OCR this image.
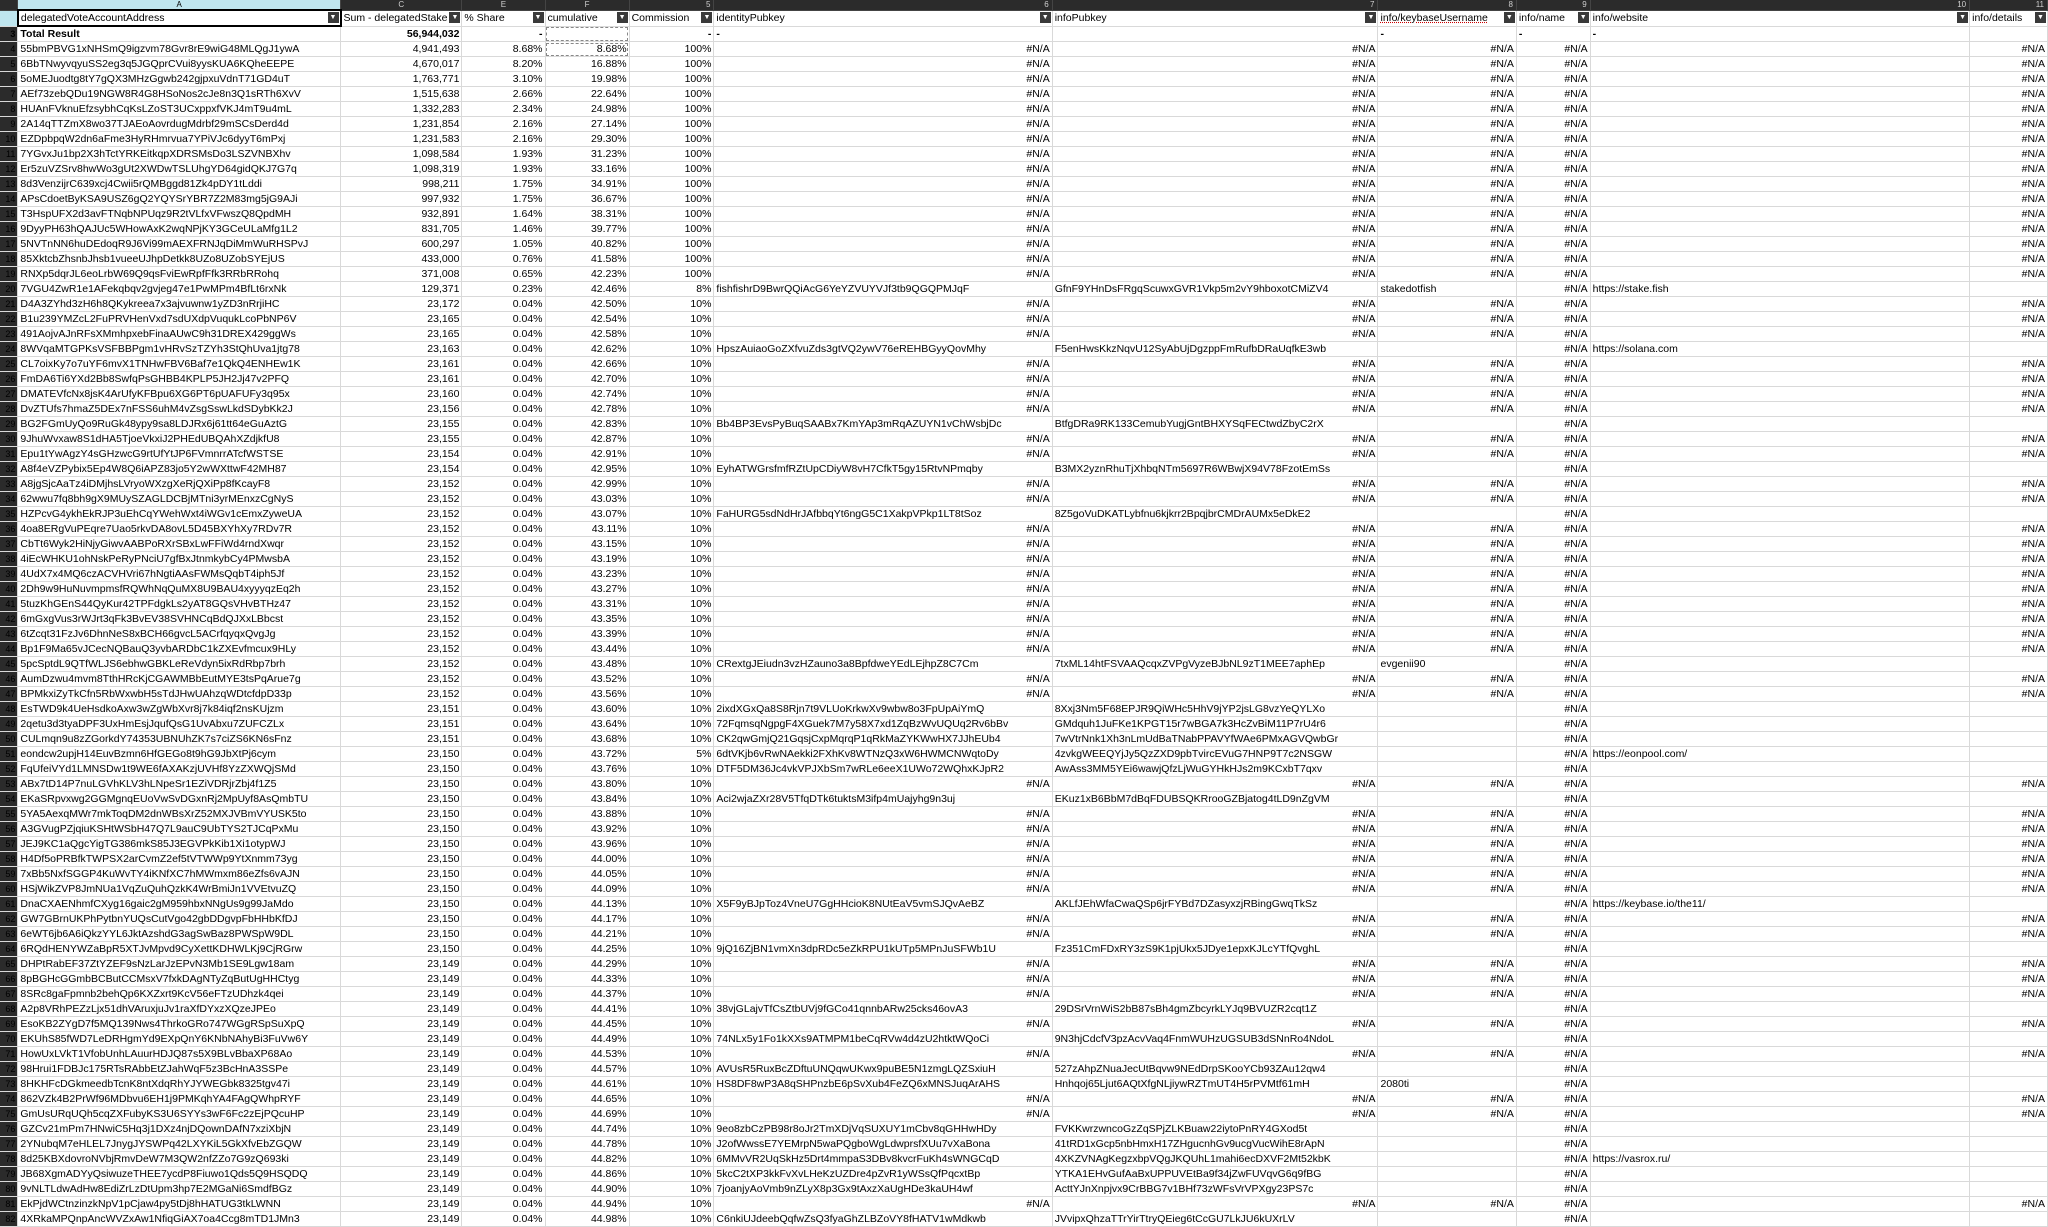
	A	C	E	F	5	6	7	8	9	10	11

	delegatedVoteAccountAddress ▼	Sum - delegatedStake ▼	% Share ▼	cumulative ▼	Commission ▼	identityPubkey ▼	infoPubkey ▼	info/keybaseUsername ▼	info/name ▼	info/website ▼	info/details ▼

3	Total Result	56,944,032	-		-	-		-	-	-	
4	55bmPBVG1xNHSmQ9igzvm78Gvr8rE9wiG48MLQgJ1ywA	4,941,493	8.68%	8.68%	100%	#N/A	#N/A	#N/A	#N/A		#N/A
5	6BbTNwyvqyuSS2eg3q5JGQprCVui8yysKUA6KQheEEPE	4,670,017	8.20%	16.88%	100%	#N/A	#N/A	#N/A	#N/A		#N/A
6	5oMEJuodtg8tY7gQX3MHzGgwb242gjpxuVdnT71GD4uT	1,763,771	3.10%	19.98%	100%	#N/A	#N/A	#N/A	#N/A		#N/A
7	AEf73zebQDu19NGW8R4G8HSoNos2cJe8n3Q1sRTh6XvV	1,515,638	2.66%	22.64%	100%	#N/A	#N/A	#N/A	#N/A		#N/A
8	HUAnFVknuEfzsybhCqKsLZoST3UCxppxfVKJ4mT9u4mL	1,332,283	2.34%	24.98%	100%	#N/A	#N/A	#N/A	#N/A		#N/A
9	2A14qTTZmX8wo37TJAEoAovrdugMdrbf29mSCsDerd4d	1,231,854	2.16%	27.14%	100%	#N/A	#N/A	#N/A	#N/A		#N/A
10	EZDpbpqW2dn6aFme3HyRHmrvua7YPiVJc6dyyT6mPxj	1,231,583	2.16%	29.30%	100%	#N/A	#N/A	#N/A	#N/A		#N/A
11	7YGvxJu1bp2X3hTctYRKEitkqpXDRSMsDo3LSZVNBXhv	1,098,584	1.93%	31.23%	100%	#N/A	#N/A	#N/A	#N/A		#N/A
12	Er5zuVZSrv8hwWo3gUt2XWDwTSLUhgYD64gidQKJ7G7q	1,098,319	1.93%	33.16%	100%	#N/A	#N/A	#N/A	#N/A		#N/A
13	8d3VenzijrC639xcj4Cwii5rQMBggd81Zk4pDY1tLddi	998,211	1.75%	34.91%	100%	#N/A	#N/A	#N/A	#N/A		#N/A
14	APsCdoetByKSA9USZ6gQ2YQYSrYBR7Z2M83mg5jG9AJi	997,932	1.75%	36.67%	100%	#N/A	#N/A	#N/A	#N/A		#N/A
15	T3HspUFX2d3avFTNqbNPUqz9R2tVLfxVFwszQ8QpdMH	932,891	1.64%	38.31%	100%	#N/A	#N/A	#N/A	#N/A		#N/A
16	9DyyPH63hQAJUc5WHowAxK2wqNPjKY3GCeULaMfg1L2	831,705	1.46%	39.77%	100%	#N/A	#N/A	#N/A	#N/A		#N/A
17	5NVTnNN6huDEdoqR9J6Vi99mAEXFRNJqDiMmWuRHSPvJ	600,297	1.05%	40.82%	100%	#N/A	#N/A	#N/A	#N/A		#N/A
18	85XktcbZhsnbJhsb1vueeUJhpDetkk8UZo8UZobSYEjUS	433,000	0.76%	41.58%	100%	#N/A	#N/A	#N/A	#N/A		#N/A
19	RNXp5dqrJL6eoLrbW69Q9qsFviEwRpfFfk3RRbRRohq	371,008	0.65%	42.23%	100%	#N/A	#N/A	#N/A	#N/A		#N/A
20	7VGU4ZwR1e1AFekqbqv2gvjeg47e1PwMPm4BfLt6rxNk	129,371	0.23%	42.46%	8%	fishfishrD9BwrQQiAcG6YeYZVUYVJf3tb9QGQPMJqF	GfnF9YHnDsFRgqScuwxGVR1Vkp5m2vY9hboxotCMiZV4	stakedotfish	#N/A	https://stake.fish	
21	D4A3ZYhd3zH6h8QKykreea7x3ajvuwnw1yZD3nRrjiHC	23,172	0.04%	42.50%	10%	#N/A	#N/A	#N/A	#N/A		#N/A
22	B1u239YMZcL2FuPRVHenVxd7sdUXdpVuqukLcoPbNP6V	23,165	0.04%	42.54%	10%	#N/A	#N/A	#N/A	#N/A		#N/A
23	491AojvAJnRFsXMmhpxebFinaAUwC9h31DREX429ggWs	23,165	0.04%	42.58%	10%	#N/A	#N/A	#N/A	#N/A		#N/A
24	8WVqaMTGPKsVSFBBPgm1vHRvSzTZYh3StQhUva1jtg78	23,163	0.04%	42.62%	10%	HpszAuiaoGoZXfvuZds3gtVQ2ywV76eREHBGyyQovMhy	F5enHwsKkzNqvU12SyAbUjDgzppFmRufbDRaUqfkE3wb		#N/A	https://solana.com	
25	CL7oixKy7o7uYF6mvX1TNHwFBV6Baf7e1QkQ4ENHEw1K	23,161	0.04%	42.66%	10%	#N/A	#N/A	#N/A	#N/A		#N/A
26	FmDA6Ti6YXd2Bb8SwfqPsGHBB4KPLP5JH2Jj47v2PFQ	23,161	0.04%	42.70%	10%	#N/A	#N/A	#N/A	#N/A		#N/A
27	DMATEVfcNx8jsK4ArUfyKFBpu6XG6PT6pUAFUFy3q95x	23,160	0.04%	42.74%	10%	#N/A	#N/A	#N/A	#N/A		#N/A
28	DvZTUfs7hmaZ5DEx7nFSS6uhM4vZsgSswLkdSDybKk2J	23,156	0.04%	42.78%	10%	#N/A	#N/A	#N/A	#N/A		#N/A
29	BG2FGmUyQo9RuGk48ypy9sa8LDJRx6j61tt64eGuAztG	23,155	0.04%	42.83%	10%	Bb4BP3EvsPyBuqSAABx7KmYAp3mRqAZUYN1vChWsbjDc	BtfgDRa9RK133CemubYugjGntBHXYSqFECtwdZbyC2rX		#N/A		
30	9JhuWvxaw8S1dHA5TjoeVkxiJ2PHEdUBQAhXZdjkfU8	23,155	0.04%	42.87%	10%	#N/A	#N/A	#N/A	#N/A		#N/A
31	Epu1tYwAgzY4sGHzwcG9rtUfYtJP6FVmnrrATcfWSTSE	23,154	0.04%	42.91%	10%	#N/A	#N/A	#N/A	#N/A		#N/A
32	A8f4eVZPybix5Ep4W8Q6iAPZ83jo5Y2wWXttwF42MH87	23,154	0.04%	42.95%	10%	EyhATWGrsfmfRZtUpCDiyW8vH7CfkT5gy15RtvNPmqby	B3MX2yznRhuTjXhbqNTm5697R6WBwjX94V78FzotEmSs		#N/A		
33	A8jgSjcAaTz4iDMjhsLVryoWXzgXeRjQXiPp8fKcayF8	23,152	0.04%	42.99%	10%	#N/A	#N/A	#N/A	#N/A		#N/A
34	62wwu7fq8bh9gX9MUySZAGLDCBjMTni3yrMEnxzCgNyS	23,152	0.04%	43.03%	10%	#N/A	#N/A	#N/A	#N/A		#N/A
35	HZPcvG4ykhEkRJP3uEhCqYWehWxt4iWGv1cEmxZyweUA	23,152	0.04%	43.07%	10%	FaHURG5sdNdHrJAfbbqYt6ngG5C1XakpVPkp1LT8tSoz	8Z5goVuDKATLybfnu6kjkrr2BpqjbrCMDrAUMx5eDkE2		#N/A		
36	4oa8ERgVuPEqre7Uao5rkvDA8ovL5D45BXYhXy7RDv7R	23,152	0.04%	43.11%	10%	#N/A	#N/A	#N/A	#N/A		#N/A
37	CbTt6Wyk2HiNjyGiwvAABPoRXrSBxLwFFiWd4rndXwqr	23,152	0.04%	43.15%	10%	#N/A	#N/A	#N/A	#N/A		#N/A
38	4iEcWHKU1ohNskPeRyPNciU7gfBxJtnmkybCy4PMwsbA	23,152	0.04%	43.19%	10%	#N/A	#N/A	#N/A	#N/A		#N/A
39	4UdX7x4MQ6czACVHVri67hNgtiAAsFWMsQqbT4iph5Jf	23,152	0.04%	43.23%	10%	#N/A	#N/A	#N/A	#N/A		#N/A
40	2Dh9w9HuNuvmpmsfRQWhNqQuMX8U9BAU4xyyyqzEq2h	23,152	0.04%	43.27%	10%	#N/A	#N/A	#N/A	#N/A		#N/A
41	5tuzKhGEnS44QyKur42TPFdgkLs2yAT8GQsVHvBTHz47	23,152	0.04%	43.31%	10%	#N/A	#N/A	#N/A	#N/A		#N/A
42	6mGxgVus3rWJrt3qFk3BvEV38SVHNCqBdQJXxLBbcst	23,152	0.04%	43.35%	10%	#N/A	#N/A	#N/A	#N/A		#N/A
43	6tZcqt31FzJv6DhnNeS8xBCH66gvcL5ACrfqyqxQvgJg	23,152	0.04%	43.39%	10%	#N/A	#N/A	#N/A	#N/A		#N/A
44	Bp1F9Ma65vJCecNQBauQ3yvbARDbC1kZXEvfmcux9HLy	23,152	0.04%	43.44%	10%	#N/A	#N/A	#N/A	#N/A		#N/A
45	5pcSptdL9QTfWLJS6ebhwGBKLeReVdyn5ixRdRbp7brh	23,152	0.04%	43.48%	10%	CRextgJEiudn3vzHZauno3a8BpfdweYEdLEjhpZ8C7Cm	7txML14htFSVAAQcqxZVPgVyzeBJbNL9zT1MEE7aphEp	evgenii90	#N/A		
46	AumDzwu4mvm8TthHRcKjCGAWMBbEutMYE3tsPqArue7g	23,152	0.04%	43.52%	10%	#N/A	#N/A	#N/A	#N/A		#N/A
47	BPMkxiZyTkCfn5RbWxwbH5sTdJHwUAhzqWDtcfdpD33p	23,152	0.04%	43.56%	10%	#N/A	#N/A	#N/A	#N/A		#N/A
48	EsTWD9k4UeHsdkoAxw3wZgWbXvr8j7k84iqf2nsKUjzm	23,151	0.04%	43.60%	10%	2ixdXGxQa8S8Rjn7t9VLUoKrkwXv9wbw8o3FpUpAiYmQ	8Xxj3Nm5F68EPJR9QiWHc5HhV9jYP2jsLG8vzYeQYLXo		#N/A		
49	2qetu3d3tyaDPF3UxHmEsjJqufQsG1UvAbxu7ZUFCZLx	23,151	0.04%	43.64%	10%	72FqmsqNgpgF4XGuek7M7y58X7xd1ZqBzWvUQUq2Rv6bBv	GMdquh1JuFKe1KPGT15r7wBGA7k3HcZvBiM11P7rU4r6		#N/A		
50	CULmqn9u8zZGorkdY74353UBNUhZK7s7ciZS6KN6sFnz	23,151	0.04%	43.68%	10%	CK2qwGmjQ21GqsjCxpMqrqP1qRkMaZYKWwHX7JJhEUb4	7wVtrNnk1Xh3nLmUdBaTNabPPAVYfWAe6PMxAGVQwbGr		#N/A		
51	eondcw2upjH14EuvBzmn6HfGEGo8t9hG9JbXtPj6cym	23,150	0.04%	43.72%	5%	6dtVKjb6vRwNAekki2FXhKv8WTNzQ3xW6HWMCNWqtoDy	4zvkgWEEQYjJy5QzZXD9pbTvircEVuG7HNP9T7c2NSGW		#N/A	https://eonpool.com/	
52	FqUfeiVYd1LMNSDw1t9WE6fAXAKzjUVHf8YzZXWQjSMd	23,150	0.04%	43.76%	10%	DTF5DM36Jc4vkVPJXbSm7wRLe6eeX1UWo72WQhxKJpR2	AwAss3MM5YEi6wawjQfzLjWuGYHkHJs2m9KCxbT7qxv		#N/A		
53	ABx7tD14P7nuLGVhKLV3hLNpeSr1EZiVDRjrZbj4f1Z5	23,150	0.04%	43.80%	10%	#N/A	#N/A	#N/A	#N/A		#N/A
54	EKaSRpvxwg2GGMgnqEUoVwSvDGxnRj2MpUyf8AsQmbTU	23,150	0.04%	43.84%	10%	Aci2wjaZXr28V5TfqDTk6tuktsM3ifp4mUajyhg9n3uj	EKuz1xB6BbM7dBqFDUBSQKRrooGZBjatog4tLD9nZgVM		#N/A		
55	5YA5AexqMWr7mkToqDM2dnWBsXrZ52MXJVBmVYUSK5to	23,150	0.04%	43.88%	10%	#N/A	#N/A	#N/A	#N/A		#N/A
56	A3GVugPZjqiuKSHtWSbH47Q7L9auC9UbTYS2TJCqPxMu	23,150	0.04%	43.92%	10%	#N/A	#N/A	#N/A	#N/A		#N/A
57	JEJ9KC1aQgcYigTG386mkS85J3EGVPkKib1Xi1otypWJ	23,150	0.04%	43.96%	10%	#N/A	#N/A	#N/A	#N/A		#N/A
58	H4Df5oPRBfkTWPSX2arCvmZ2ef5tVTWWp9YtXnmm73yg	23,150	0.04%	44.00%	10%	#N/A	#N/A	#N/A	#N/A		#N/A
59	7xBb5NxfSGGP4KuWvTY4iKNfXC7hMWmxm86eZfs6vAJN	23,150	0.04%	44.05%	10%	#N/A	#N/A	#N/A	#N/A		#N/A
60	HSjWikZVP8JmNUa1VqZuQuhQzkK4WrBmiJn1VVEtvuZQ	23,150	0.04%	44.09%	10%	#N/A	#N/A	#N/A	#N/A		#N/A
61	DnaCXAENhmfCXyg16gaic2gM959hbxNNgUs9g99JaMdo	23,150	0.04%	44.13%	10%	X5F9yBJpToz4VneU7GgHHcioK8NUtEaV5vmSJQvAeBZ	AKLfJEhWfaCwaQSp6jrFYBd7DZasyxzjRBingGwqTkSz		#N/A	https://keybase.io/the11/	
62	GW7GBrnUKPhPytbnYUQsCutVgo42gbDDgvpFbHHbKfDJ	23,150	0.04%	44.17%	10%	#N/A	#N/A	#N/A	#N/A		#N/A
63	6eWT6jb6A6iQkzYYL6JktAzshdG3agSwBaz8PWSpW9DL	23,150	0.04%	44.21%	10%	#N/A	#N/A	#N/A	#N/A		#N/A
64	6RQdHENYWZaBpR5XTJvMpvd9CyXettKDHWLKj9CjRGrw	23,150	0.04%	44.25%	10%	9jQ16ZjBN1vmXn3dpRDc5eZkRPU1kUTp5MPnJuSFWb1U	Fz351CmFDxRY3zS9K1pjUkx5JDye1epxKJLcYTfQvghL		#N/A		
65	DHPtRabEF37ZtYZEF9sNzLarJzEPvN3Mb1SE9Lgw18am	23,149	0.04%	44.29%	10%	#N/A	#N/A	#N/A	#N/A		#N/A
66	8pBGHcGGmbBCButCCMsxV7fxkDAgNTyZqButUgHHCtyg	23,149	0.04%	44.33%	10%	#N/A	#N/A	#N/A	#N/A		#N/A
67	8SRc8gaFpmnb2behQp6KXZxrt9KcV56eFTzUDhzk4qei	23,149	0.04%	44.37%	10%	#N/A	#N/A	#N/A	#N/A		#N/A
68	A2p8VRhPEZzLjx51dhVAruxjuJv1raXfDYxzXQzeJPEo	23,149	0.04%	44.41%	10%	38vjGLajvTfCsZtbUVj9fGCo41qnnbARw25cks46ovA3	29DSrVrnWiS2bB87sBh4gmZbcyrkLYJq9BVUZR2cqt1Z		#N/A		
69	EsoKB2ZYgD7f5MQ139Nws4ThrkoGRo747WGgRSpSuXpQ	23,149	0.04%	44.45%	10%	#N/A	#N/A	#N/A	#N/A		#N/A
70	EKUhS85fWD7LeDRHgmYd9EXpQnY6KNbNAhyBi3FuVw6Y	23,149	0.04%	44.49%	10%	74NLx5y1Fo1kXXs9ATMPM1beCqRVw4d4zU2htktWQoCi	9N3hjCdcfV3pzAcvVaq4FnmWUHzUGSUB3dSNnRo4NdoL		#N/A		
71	HowUxLVkT1VfobUnhLAuurHDJQ87s5X9BLvBbaXP68Ao	23,149	0.04%	44.53%	10%	#N/A	#N/A	#N/A	#N/A		#N/A
72	98Hrui1FDBJc175RTsRAbbEtZJahWqF5z3BcHnA3SSPe	23,149	0.04%	44.57%	10%	AVUsR5RuxBcZDftuUNQqwUKwx9puBE5N1zmgLQZSxiuH	527zAhpZNuaJecUtBqvw9NEdDrpSKooYCb93ZAu12qw4		#N/A		
73	8HKHFcDGkmeedbTcnK8ntXdqRhYJYWEGbk8325tgv47i	23,149	0.04%	44.61%	10%	HS8DF8wP3A8qSHPnzbE6pSvXub4FeZQ6xMNSJuqArAHS	Hnhqoj65Ljut6AQtXfgNLjiywRZTmUT4H5rPVMtf61mH	2080ti	#N/A		
74	862VZk4B2PrWf96MDbvu6EH1j9PMKqhYA4FAgQWhpRYF	23,149	0.04%	44.65%	10%	#N/A	#N/A	#N/A	#N/A		#N/A
75	GmUsURqUQh5cqZXFubyKS3U6SYYs3wF6Fc2zEjPQcuHP	23,149	0.04%	44.69%	10%	#N/A	#N/A	#N/A	#N/A		#N/A
76	GZCv21mPm7HNwiC5Hq3j1DXz4njDQownDAfN7xziXbjN	23,149	0.04%	44.74%	10%	9eo8zbCzPB98r8oJr2TmXDjVqSUXUY1mCbv8qGHHwHDy	FVKKwrzwncoGzZqSPjZLKBuaw22iytoPnRY4GXod5t		#N/A		
77	2YNubqM7eHLEL7JnygJYSWPq42LXYKiL5GkXfvEbZGQW	23,149	0.04%	44.78%	10%	J2ofWwssE7YEMrpN5waPQgboWgLdwprsfXUu7vXaBona	41tRD1xGcp5nbHmxH17ZHgucnhGv9ucgVucWihE8rApN		#N/A		
78	8d25KBXdovroNVbjRmvDeW7M3QW2nfZZo7G9zQ693ki	23,149	0.04%	44.82%	10%	6MMvVR2UqSkHz5Drt4mmpaS3DBv8kvcrFuKh4sWNGCqD	4XKZVNAgKegzxbpVQgJKQUhL1mahi6ecDXVF2Mt52kbK		#N/A	https://vasrox.ru/	
79	JB68XgmADYyQsiwuzeTHEE7ycdP8Fiuwo1Qds5Q9HSQDQ	23,149	0.04%	44.86%	10%	5kcC2tXP3kkFvXvLHeKzUZDre4pZvR1yWSsQfPqcxtBp	YTKA1EHvGufAaBxUPPUVEtBa9f34jZwFUVqvG6q9fBG		#N/A		
80	9vNLTLdwAdHw8EdiZrLzDtUpm3hp7E2MGaNi6SmdfBGz	23,149	0.04%	44.90%	10%	7joanjyAoVmb9nZLyX8p3Gx9tAxzXaUgHDe3kaUH4wf	ActtYJnXnpjvx9CrBBG7v1BHf73zWFsVrVPXgy23PS7c		#N/A		
81	EkPjdWCtnzinzkNpV1pCjaw4py5tDj8hHATUG3tkLWNN	23,149	0.04%	44.94%	10%	#N/A	#N/A	#N/A	#N/A		#N/A
82	4XRkaMPQnpAncWVZxAw1NfiqGiAX7oa4Ccg8mTD1JMn3	23,149	0.04%	44.98%	10%	C6nkiUJdeebQqfwZsQ3fyaGhZLBZoVY8fHATV1wMdkwb	JVvipxQhzaTTrYirTtryQEieg6tCcGU7LkJU6kUXrLV		#N/A		
